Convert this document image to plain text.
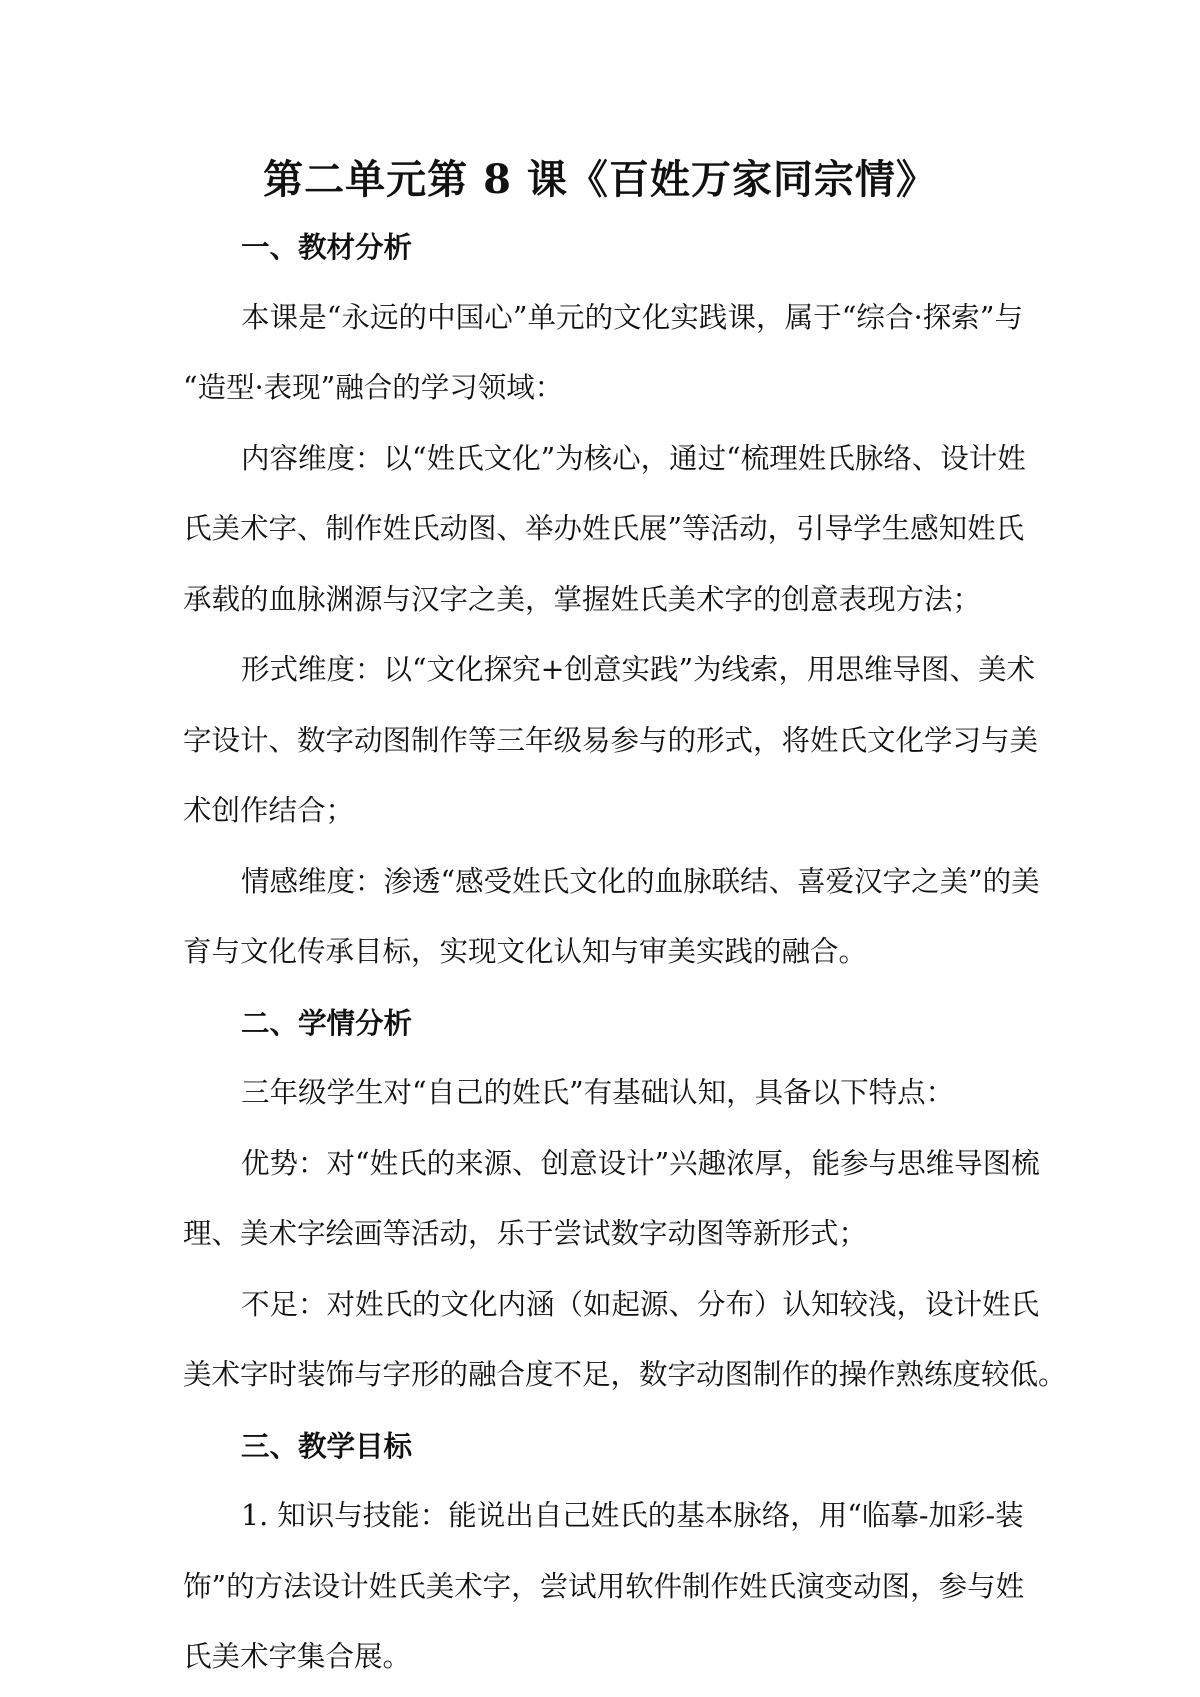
第二单元第 8 课《百姓万家同宗情》

一、教材分析

本课是“永远的中国心”单元的文化实践课，属于“综合·探索”与

“造型·表现”融合的学习领域：

内容维度：以“姓氏文化”为核心，通过“梳理姓氏脉络、设计姓

氏美术字、制作姓氏动图、举办姓氏展”等活动，引导学生感知姓氏

承载的血脉渊源与汉字之美，掌握姓氏美术字的创意表现方法；

形式维度：以“文化探究+创意实践”为线索，用思维导图、美术

字设计、数字动图制作等三年级易参与的形式，将姓氏文化学习与美

术创作结合；

情感维度：渗透“感受姓氏文化的血脉联结、喜爱汉字之美”的美

育与文化传承目标，实现文化认知与审美实践的融合。

二、学情分析

三年级学生对“自己的姓氏”有基础认知，具备以下特点：

优势：对“姓氏的来源、创意设计”兴趣浓厚，能参与思维导图梳

理、美术字绘画等活动，乐于尝试数字动图等新形式；

不足：对姓氏的文化内涵（如起源、分布）认知较浅，设计姓氏

美术字时装饰与字形的融合度不足，数字动图制作的操作熟练度较低。

三、教学目标

1. 知识与技能：能说出自己姓氏的基本脉络，用“临摹-加彩-装

饰”的方法设计姓氏美术字，尝试用软件制作姓氏演变动图，参与姓

氏美术字集合展。
